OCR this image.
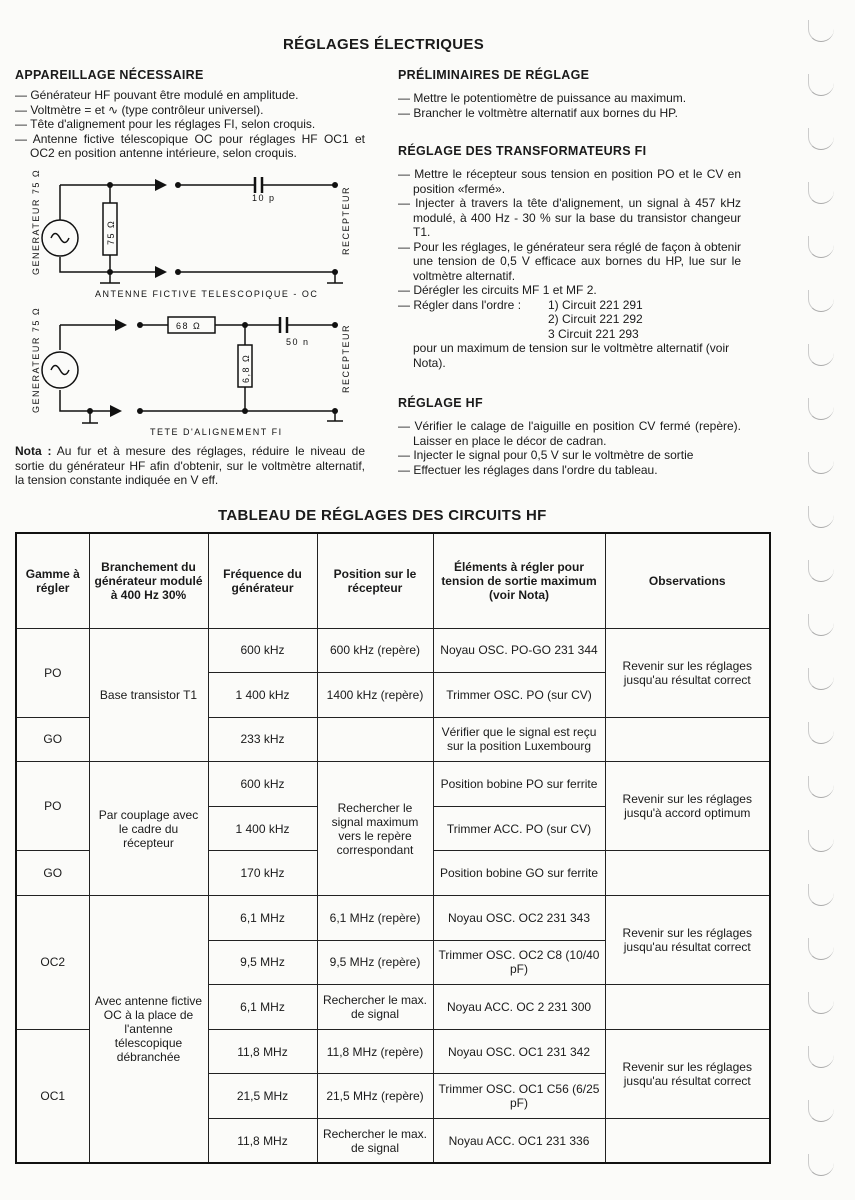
RÉGLAGES ÉLECTRIQUES
APPAREILLAGE NÉCESSAIRE
— Générateur HF pouvant être modulé en amplitude.
— Voltmètre = et ∿ (type contrôleur universel).
— Tête d'alignement pour les réglages FI, selon croquis.
— Antenne fictive télescopique OC pour réglages HF OC1 et OC2 en position antenne intérieure, selon croquis.
GENERATEUR 75 Ω	75 Ω
10 p	RECEPTEUR
ANTENNE FICTIVE TELESCOPIQUE - OC
GENERATEUR 75 Ω	68 Ω
6,8 Ω
50 n	RECEPTEUR
TETE D'ALIGNEMENT FI

Nota : Au fur et à mesure des réglages, réduire le niveau de sortie du générateur HF afin d'obtenir, sur le voltmètre alternatif, la tension constante indiquée en V eff.

PRÉLIMINAIRES DE RÉGLAGE
— Mettre le potentiomètre de puissance au maximum.
— Brancher le voltmètre alternatif aux bornes du HP.
RÉGLAGE DES TRANSFORMATEURS FI
— Mettre le récepteur sous tension en position PO et le CV en position «fermé».
— Injecter à travers la tête d'alignement, un signal à 457 kHz modulé, à 400 Hz - 30 % sur la base du transistor changeur T1.
— Pour les réglages, le générateur sera réglé de façon à obtenir une tension de 0,5 V efficace aux bornes du HP, lue sur le voltmètre alternatif.
— Dérégler les circuits MF 1 et MF 2.
— Régler dans l'ordre : 1) Circuit 221 291
2) Circuit 221 292
3 Circuit 221 293

pour un maximum de tension sur le voltmètre alternatif (voir Nota).

RÉGLAGE HF
— Vérifier le calage de l'aiguille en position CV fermé (repère). Laisser en place le décor de cadran.
— Injecter le signal pour 0,5 V sur le voltmètre de sortie
— Effectuer les réglages dans l'ordre du tableau.
TABLEAU DE RÉGLAGES DES CIRCUITS HF
Gamme à régler	Branchement du générateur modulé à 400 Hz 30%	Fréquence du générateur	Position sur le récepteur	Éléments à régler pour tension de sortie maximum (voir Nota)	Observations
PO	Base transistor T1	600 kHz	600 kHz (repère)	Noyau OSC. PO-GO 231 344	Revenir sur les réglages jusqu'au résultat correct
		1 400 kHz	1400 kHz (repère)	Trimmer OSC. PO (sur CV)	
GO		233 kHz		Vérifier que le signal est reçu sur la position Luxembourg	
PO	Par couplage avec le cadre du récepteur	600 kHz	Rechercher le signal maximum vers le repère correspondant	Position bobine PO sur ferrite	Revenir sur les réglages jusqu'à accord optimum
		1 400 kHz		Trimmer ACC. PO (sur CV)	
GO		170 kHz		Position bobine GO sur ferrite	
OC2	Avec antenne fictive OC à la place de l'antenne télescopique débranchée	6,1 MHz	6,1 MHz (repère)	Noyau OSC. OC2 231 343	Revenir sur les réglages jusqu'au résultat correct
		9,5 MHz	9,5 MHz (repère)	Trimmer OSC. OC2 C8 (10/40 pF)	
		6,1 MHz	Rechercher le max. de signal	Noyau ACC. OC 2 231 300	
OC1		11,8 MHz	11,8 MHz (repère)	Noyau OSC. OC1 231 342	Revenir sur les réglages jusqu'au résultat correct
		21,5 MHz	21,5 MHz (repère)	Trimmer OSC. OC1 C56 (6/25 pF)	
		11,8 MHz	Rechercher le max. de signal	Noyau ACC. OC1 231 336	
